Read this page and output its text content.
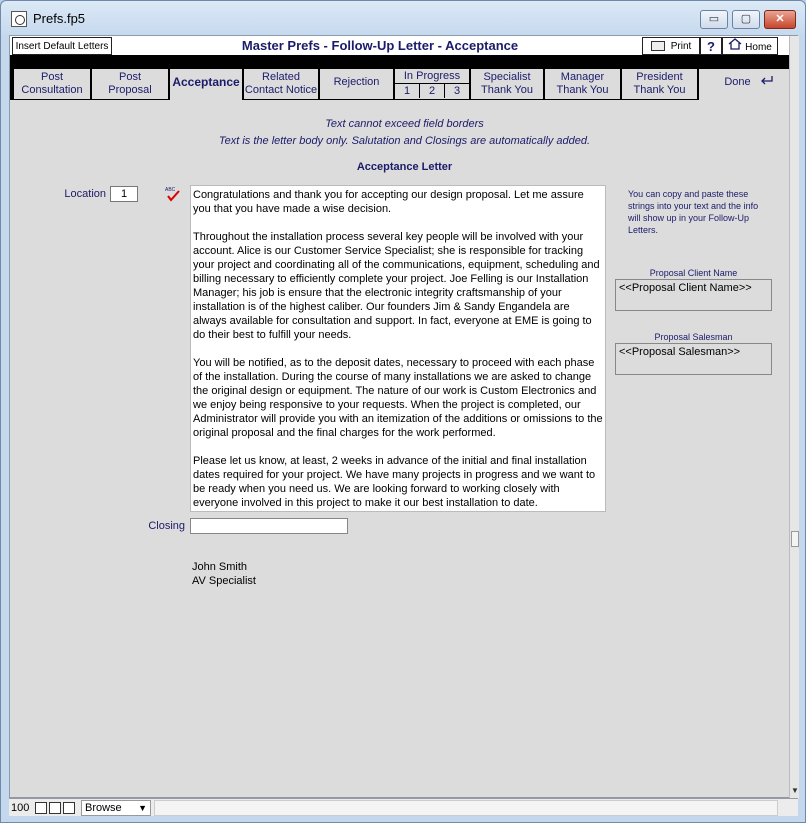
Prefs.fp5	▭	▢	✕
Insert Default Letters	Master Prefs - Follow-Up Letter - Acceptance	Print	?	Home
Post
Consultation
Post
Proposal
Acceptance	Related
Contact Notice
Rejection	In Progress
1	2	3
Specialist
Thank You
Manager
Thank You
President
Thank You
Done
Text cannot exceed field borders
Text is the letter body only. Salutation and Closings are automatically added.
Acceptance Letter
Location	1	ABC Congratulations and thank you for accepting our design proposal. Let me assure you that you have made a wise decision.

Throughout the installation process several key people will be involved with your account. Alice is our Customer Service Specialist; she is responsible for tracking your project and coordinating all of the communications, equipment, scheduling and billing necessary to efficiently complete your project. Joe Felling is our Installation Manager; his job is ensure that the electronic integrity craftsmanship of your installation is of the highest caliber. Our founders Jim & Sandy Engandela are always available for consultation and support. In fact, everyone at EME is going to do their best to fulfill your needs.

You will be notified, as to the deposit dates, necessary to proceed with each phase of the installation. During the course of many installations we are asked to change the original design or equipment. The nature of our work is Custom Electronics and we enjoy being responsive to your requests. When the project is completed, our Administrator will provide you with an itemization of the additions or omissions to the original proposal and the final charges for the work performed.

Please let us know, at least, 2 weeks in advance of the initial and final installation dates required for your project. We have many projects in progress and we want to be ready when you need us. We are looking forward to working closely with everyone involved in this project to make it our best installation to date.
Closing
John Smith
AV Specialist
You can copy and paste these strings into your text and the info will show up in your Follow-Up Letters.
Proposal Client Name
<<Proposal Client Name>>
Proposal Salesman
<<Proposal Salesman>>
▼
100	Browse ▼
